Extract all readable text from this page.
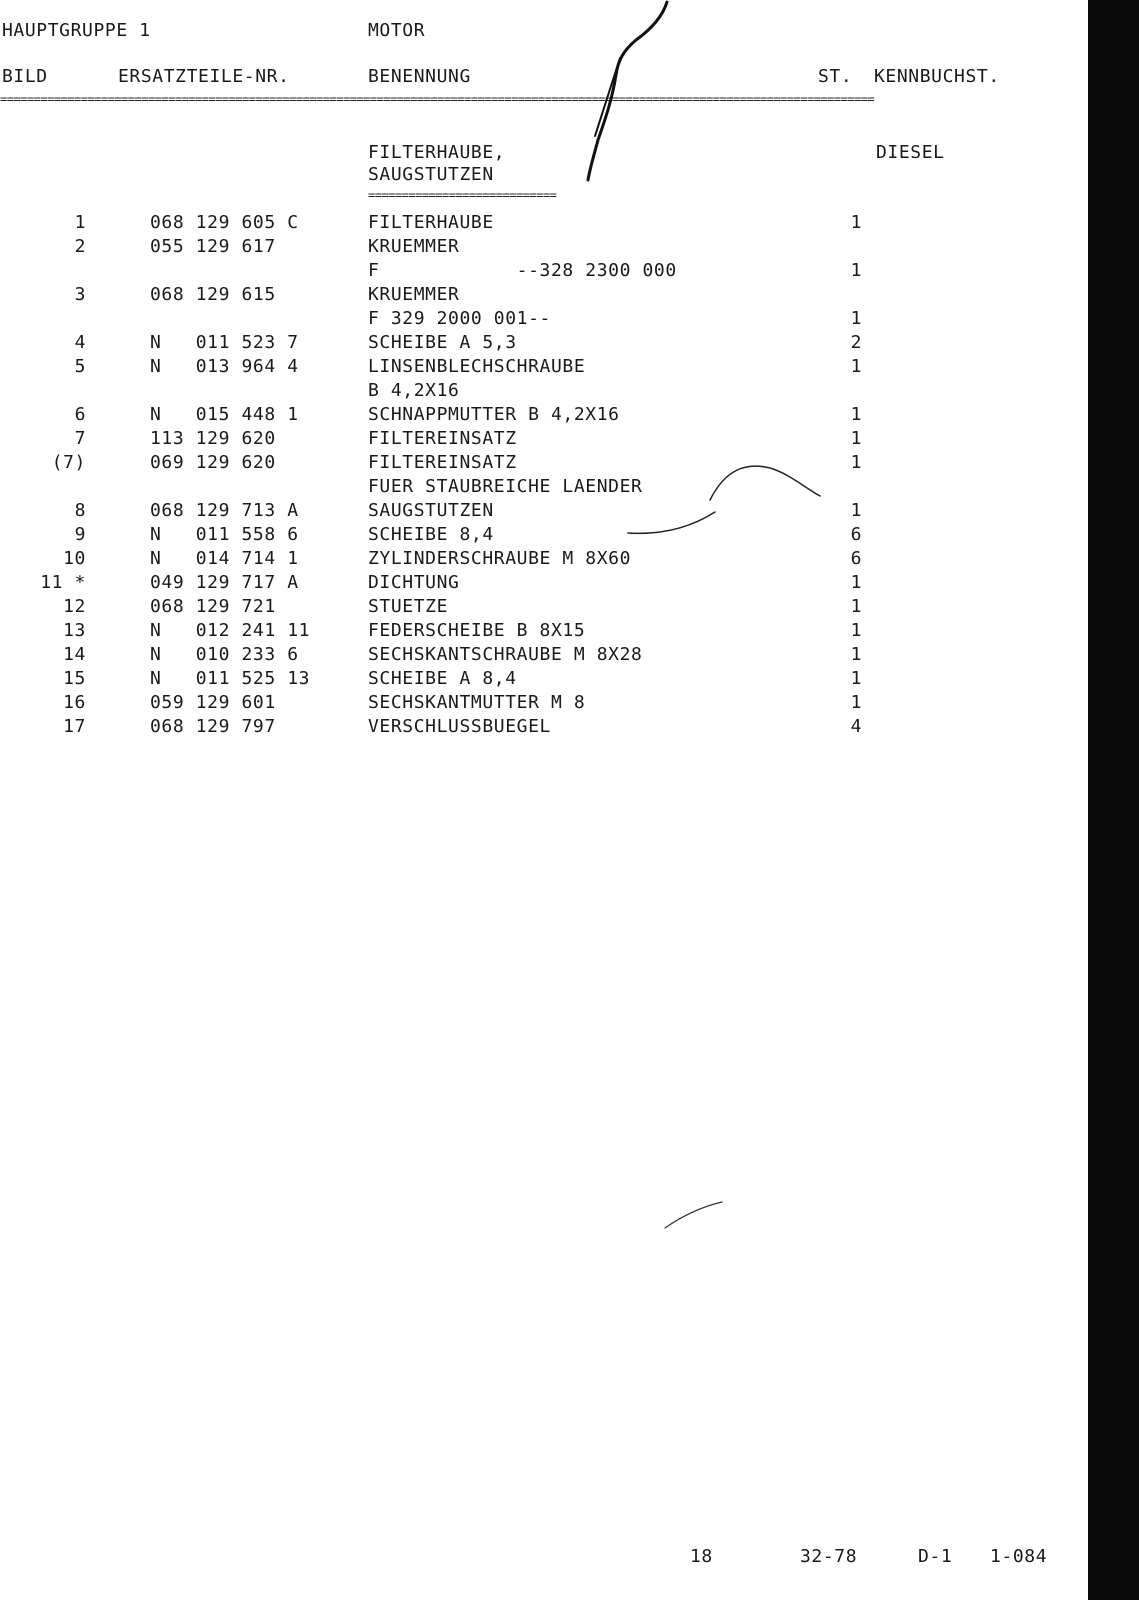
HAUPTGRUPPE 1	MOTOR
BILD	ERSATZTEILE-NR.	BENENNUNG	ST. KENNBUCHST.
==================================================================================================================================
FILTERHAUBE,
SAUGSTUTZEN
DIESEL
============================
1	068 129 605 C	FILTERHAUBE	1
2	055 129 617	KRUEMMER
F            --328 2300 000	1
3	068 129 615	KRUEMMER
F 329 2000 001--	1
4	N   011 523 7	SCHEIBE A 5,3	2
5	N   013 964 4	LINSENBLECHSCHRAUBE	1
B 4,2X16
6	N   015 448 1	SCHNAPPMUTTER B 4,2X16	1
7	113 129 620	FILTEREINSATZ	1
(7)	069 129 620	FILTEREINSATZ	1
FUER STAUBREICHE LAENDER
8	068 129 713 A	SAUGSTUTZEN	1
9	N   011 558 6	SCHEIBE 8,4	6
10	N   014 714 1	ZYLINDERSCHRAUBE M 8X60	6
11 *	049 129 717 A	DICHTUNG	1
12	068 129 721	STUETZE	1
13	N   012 241 11	FEDERSCHEIBE B 8X15	1
14	N   010 233 6	SECHSKANTSCHRAUBE M 8X28	1
15	N   011 525 13	SCHEIBE A 8,4	1
16	059 129 601	SECHSKANTMUTTER M 8	1
17	068 129 797	VERSCHLUSSBUEGEL	4
18	32-78	D-1 1-084
